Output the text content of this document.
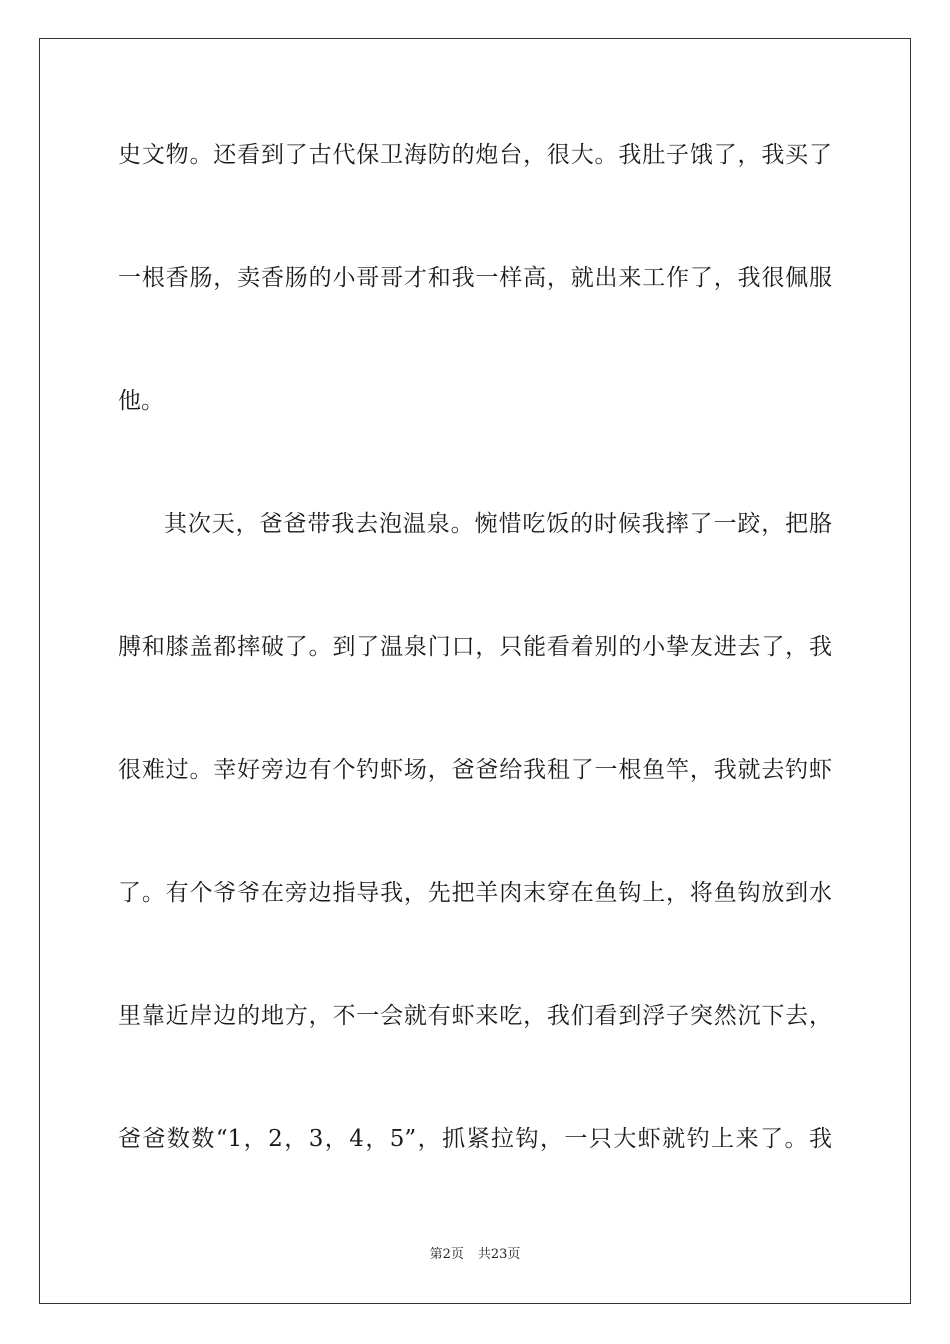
史文物。还看到了古代保卫海防的炮台，很大。我肚子饿了，我买了
一根香肠，卖香肠的小哥哥才和我一样高，就出来工作了，我很佩服
他。
其次天，爸爸带我去泡温泉。惋惜吃饭的时候我摔了一跤，把胳
膊和膝盖都摔破了。到了温泉门口，只能看着别的小挚友进去了，我
很难过。幸好旁边有个钓虾场，爸爸给我租了一根鱼竿，我就去钓虾
了。有个爷爷在旁边指导我，先把羊肉末穿在鱼钩上，将鱼钩放到水
里靠近岸边的地方，不一会就有虾来吃，我们看到浮子突然沉下去，
爸爸数数“1，2，3，4，5”，抓紧拉钩，一只大虾就钓上来了。我
第2页 共23页
